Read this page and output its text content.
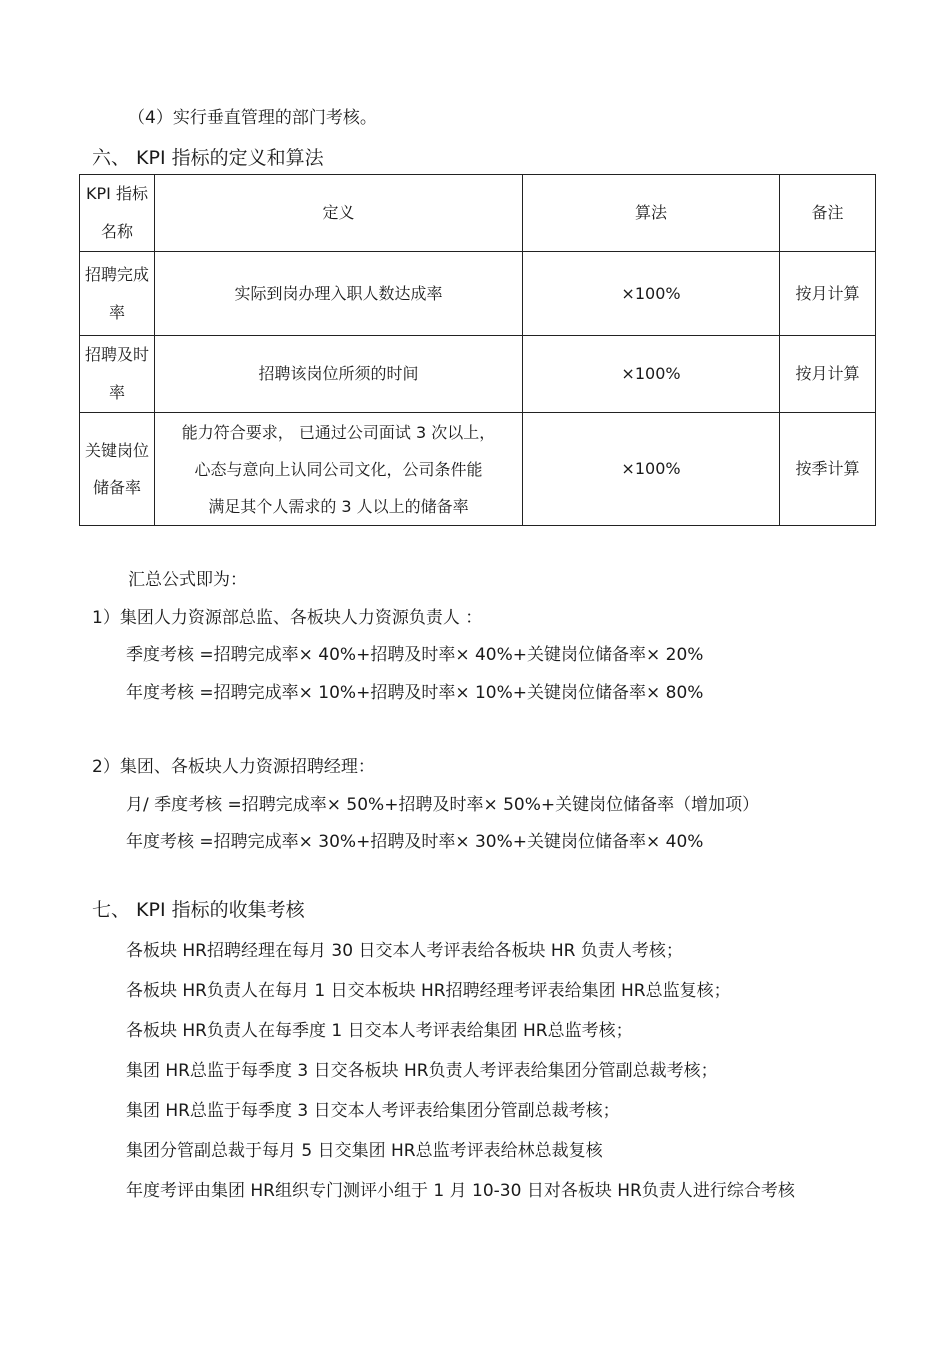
（4）实行垂直管理的部门考核。
六、 KPI 指标的定义和算法
KPI 指标名称	定义	算法	备注
招聘完成率	实际到岗办理入职人数达成率	×100%	按月计算
招聘及时率	招聘该岗位所须的时间	×100%	按月计算
关键岗位储备率	能力符合要求， 已通过公司面试 3 次以上，
心态与意向上认同公司文化，公司条件能
满足其个人需求的 3 人以上的储备率	×100%	按季计算
汇总公式即为：
1）集团人力资源部总监、各板块人力资源负责人 ：
季度考核 =招聘完成率× 40%+招聘及时率× 40%+关键岗位储备率× 20%
年度考核 =招聘完成率× 10%+招聘及时率× 10%+关键岗位储备率× 80%
2）集团、各板块人力资源招聘经理：
月/ 季度考核 =招聘完成率× 50%+招聘及时率× 50%+关键岗位储备率（增加项）
年度考核 =招聘完成率× 30%+招聘及时率× 30%+关键岗位储备率× 40%
七、 KPI 指标的收集考核
各板块 HR招聘经理在每月 30 日交本人考评表给各板块 HR 负责人考核；
各板块 HR负责人在每月 1 日交本板块 HR招聘经理考评表给集团 HR总监复核；
各板块 HR负责人在每季度 1 日交本人考评表给集团 HR总监考核；
集团 HR总监于每季度 3 日交各板块 HR负责人考评表给集团分管副总裁考核；
集团 HR总监于每季度 3 日交本人考评表给集团分管副总裁考核；
集团分管副总裁于每月 5 日交集团 HR总监考评表给林总裁复核
年度考评由集团 HR组织专门测评小组于 1 月 10-30 日对各板块 HR负责人进行综合考核
